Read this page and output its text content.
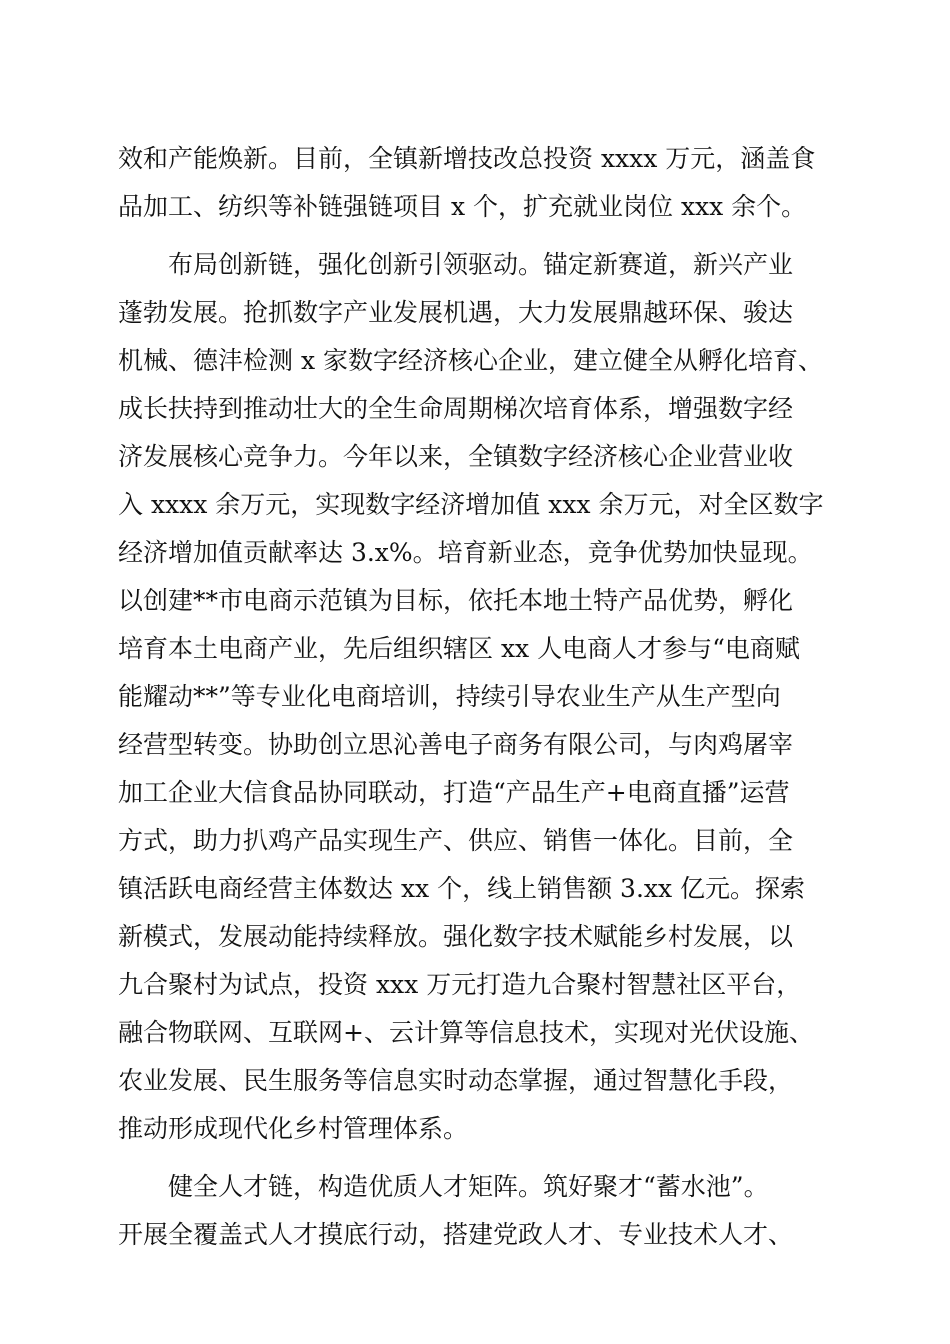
效和产能焕新。目前，全镇新增技改总投资 xxxx 万元，涵盖食
品加工、纺织等补链强链项目 x 个，扩充就业岗位 xxx 余个。
　　布局创新链，强化创新引领驱动。锚定新赛道，新兴产业
蓬勃发展。抢抓数字产业发展机遇，大力发展鼎越环保、骏达
机械、德沣检测 x 家数字经济核心企业，建立健全从孵化培育、
成长扶持到推动壮大的全生命周期梯次培育体系，增强数字经
济发展核心竞争力。今年以来，全镇数字经济核心企业营业收
入 xxxx 余万元，实现数字经济增加值 xxx 余万元，对全区数字
经济增加值贡献率达 3.x%。培育新业态，竞争优势加快显现。
以创建**市电商示范镇为目标，依托本地土特产品优势，孵化
培育本土电商产业，先后组织辖区 xx 人电商人才参与“电商赋
能耀动**”等专业化电商培训，持续引导农业生产从生产型向
经营型转变。协助创立思沁善电子商务有限公司，与肉鸡屠宰
加工企业大信食品协同联动，打造“产品生产+电商直播”运营
方式，助力扒鸡产品实现生产、供应、销售一体化。目前，全
镇活跃电商经营主体数达 xx 个，线上销售额 3.xx 亿元。探索
新模式，发展动能持续释放。强化数字技术赋能乡村发展，以
九合聚村为试点，投资 xxx 万元打造九合聚村智慧社区平台，
融合物联网、互联网+、云计算等信息技术，实现对光伏设施、
农业发展、民生服务等信息实时动态掌握，通过智慧化手段，
推动形成现代化乡村管理体系。
　　健全人才链，构造优质人才矩阵。筑好聚才“蓄水池”。
开展全覆盖式人才摸底行动，搭建党政人才、专业技术人才、
